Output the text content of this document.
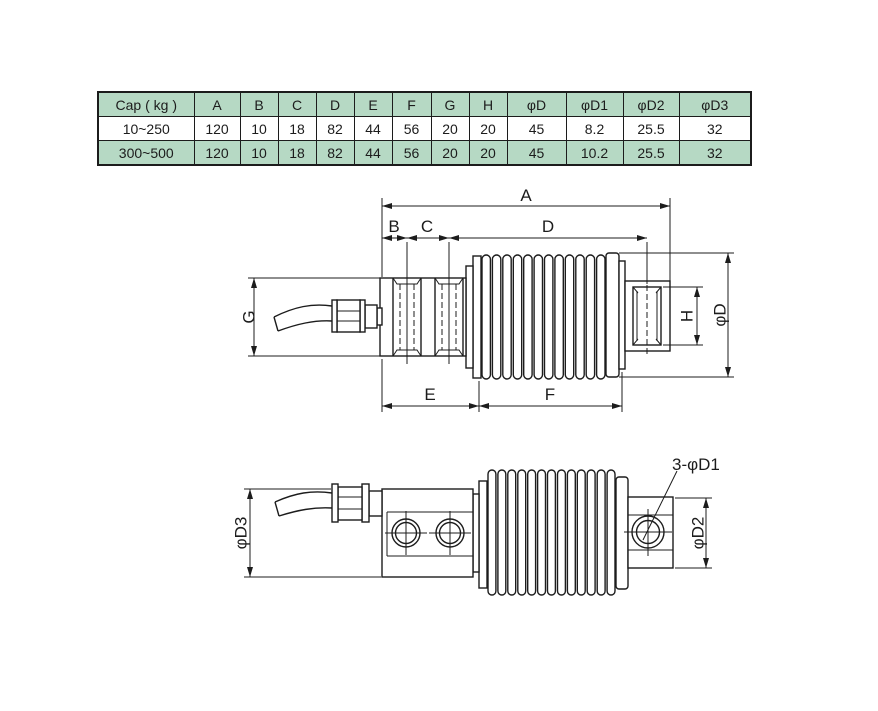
Cap ( kg )	A	B	C	D	E	F	G	H	φD	φD1	φD2	φD3
10~250	120	10	18	82	44	56	20	20	45	8.2	25.5	32
300~500	120	10	18	82	44	56	20	20	45	10.2	25.5	32
A
B C	D
E	F
G	H φD
3-φD1
φD3	φD2
